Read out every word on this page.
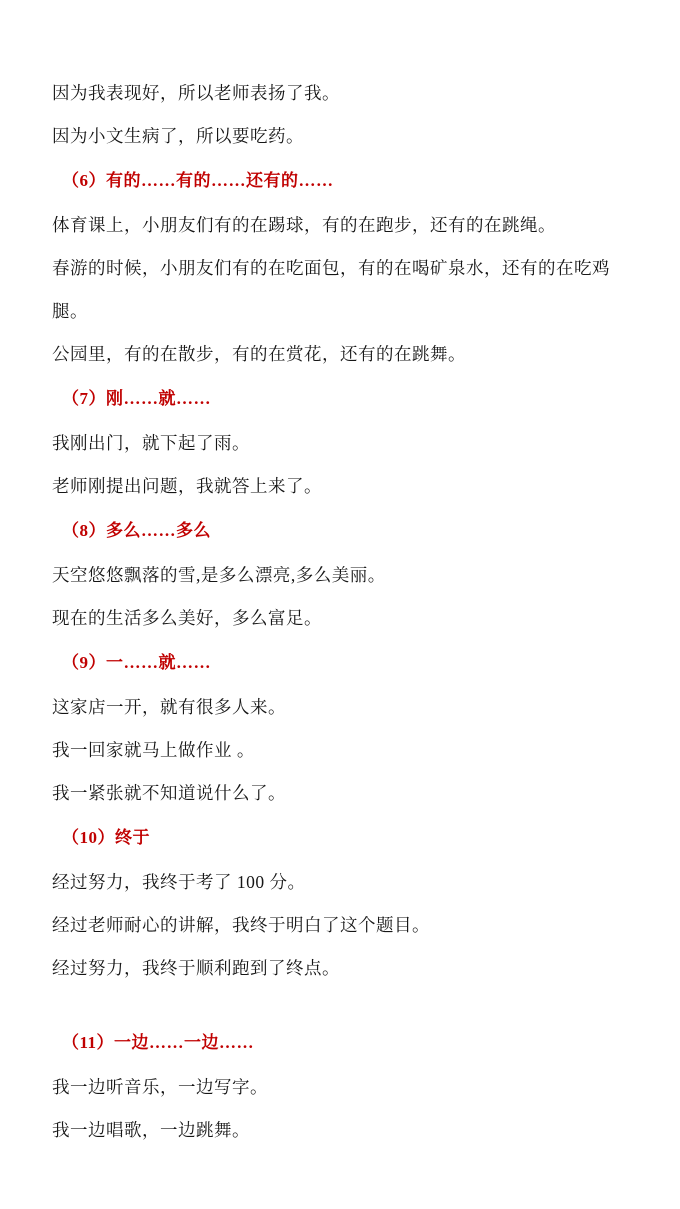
因为我表现好，所以老师表扬了我。
因为小文生病了，所以要吃药。
（6）有的……有的……还有的……
体育课上，小朋友们有的在踢球，有的在跑步，还有的在跳绳。
春游的时候，小朋友们有的在吃面包，有的在喝矿泉水，还有的在吃鸡腿。
公园里，有的在散步，有的在赏花，还有的在跳舞。
（7）刚……就……
我刚出门，就下起了雨。
老师刚提出问题，我就答上来了。
（8）多么……多么
天空悠悠飘落的雪,是多么漂亮,多么美丽。
现在的生活多么美好，多么富足。
（9）一……就……
这家店一开，就有很多人来。
我一回家就马上做作业 。
我一紧张就不知道说什么了。
（10）终于
经过努力，我终于考了 100 分。
经过老师耐心的讲解，我终于明白了这个题目。
经过努力，我终于顺利跑到了终点。
（11）一边……一边……
我一边听音乐，一边写字。
我一边唱歌，一边跳舞。
